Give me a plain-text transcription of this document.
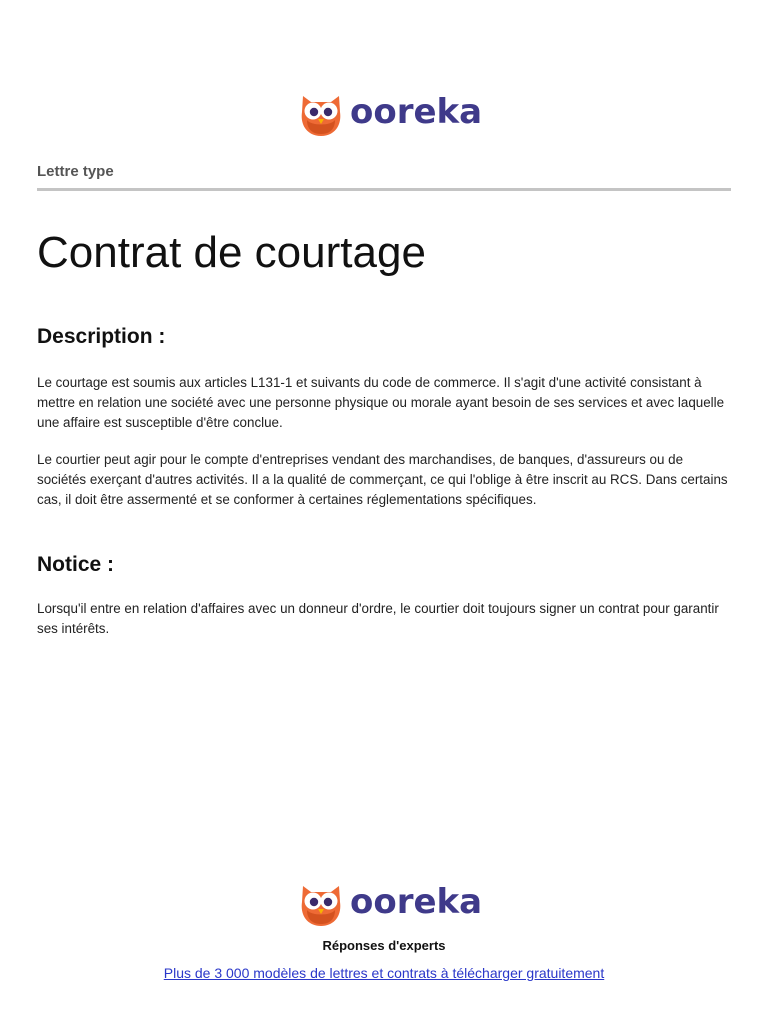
ooreka
Lettre type
Contrat de courtage
Description :

Le courtage est soumis aux articles L131-1 et suivants du code de commerce. Il s'agit d'une activité consistant à mettre en relation une société avec une personne physique ou morale ayant besoin de ses services et avec laquelle une affaire est susceptible d'être conclue.

Le courtier peut agir pour le compte d'entreprises vendant des marchandises, de banques, d'assureurs ou de sociétés exerçant d'autres activités. Il a la qualité de commerçant, ce qui l'oblige à être inscrit au RCS. Dans certains cas, il doit être assermenté et se conformer à certaines réglementations spécifiques.

Notice :

Lorsqu'il entre en relation d'affaires avec un donneur d'ordre, le courtier doit toujours signer un contrat pour garantir ses intérêts.

ooreka
Réponses d'experts
Plus de 3 000 modèles de lettres et contrats à télécharger gratuitement
